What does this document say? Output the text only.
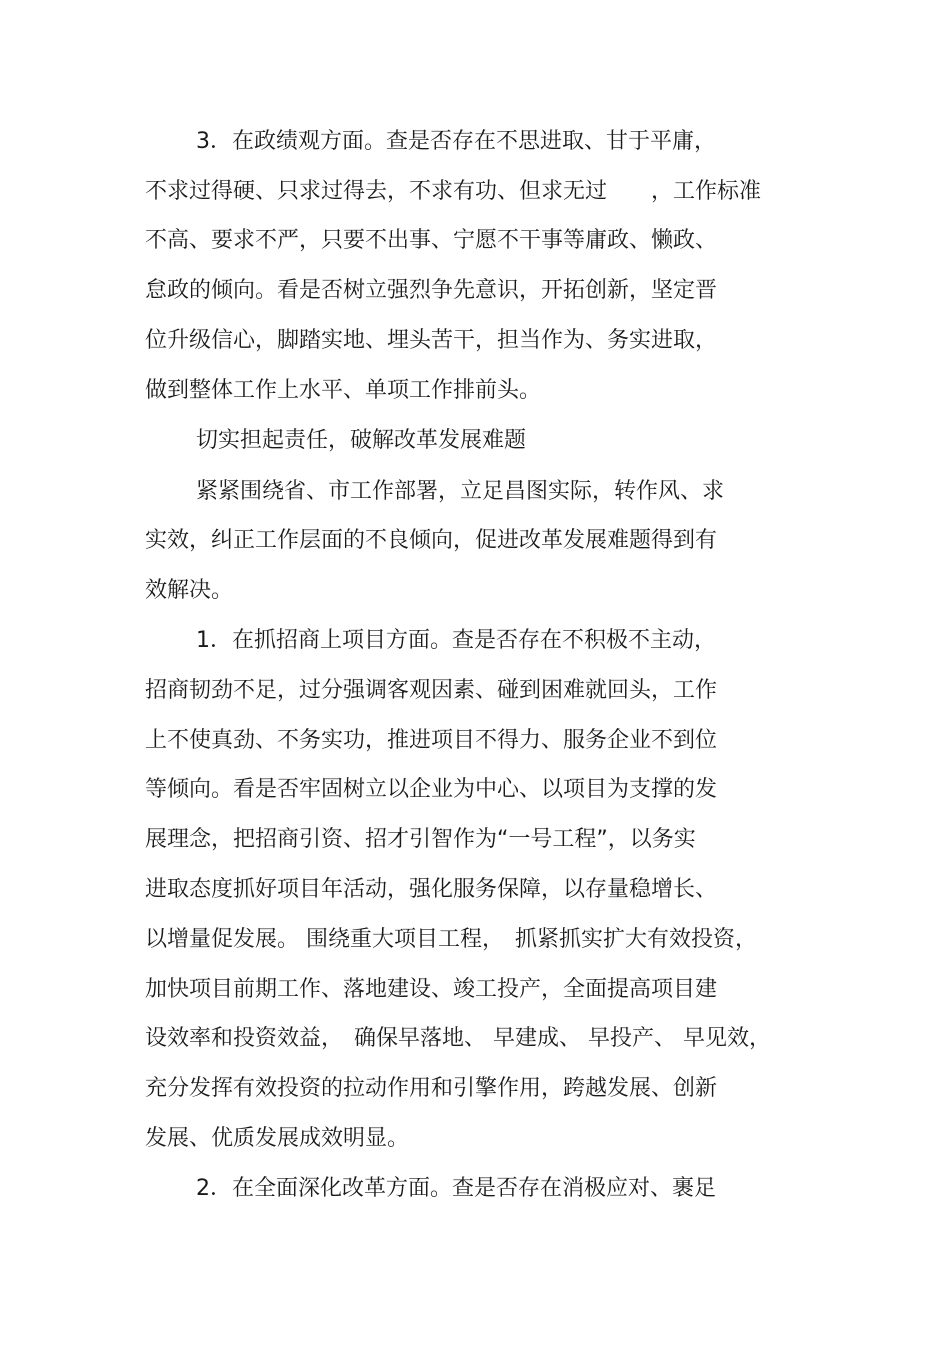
3．在政绩观方面。查是否存在不思进取、甘于平庸，
不求过得硬、只求过得去，不求有功、但求无过　　，工作标准
不高、要求不严，只要不出事、宁愿不干事等庸政、懒政、
怠政的倾向。看是否树立强烈争先意识，开拓创新，坚定晋
位升级信心，脚踏实地、埋头苦干，担当作为、务实进取，
做到整体工作上水平、单项工作排前头。
切实担起责任，破解改革发展难题
紧紧围绕省、市工作部署，立足昌图实际，转作风、求
实效，纠正工作层面的不良倾向，促进改革发展难题得到有
效解决。
1．在抓招商上项目方面。查是否存在不积极不主动，
招商韧劲不足，过分强调客观因素、碰到困难就回头，工作
上不使真劲、不务实功，推进项目不得力、服务企业不到位
等倾向。看是否牢固树立以企业为中心、以项目为支撑的发
展理念，把招商引资、招才引智作为“一号工程”，以务实
进取态度抓好项目年活动，强化服务保障，以存量稳增长、
以增量促发展。 围绕重大项目工程，　抓紧抓实扩大有效投资，
加快项目前期工作、落地建设、竣工投产，全面提高项目建
设效率和投资效益，　确保早落地、 早建成、 早投产、 早见效，
充分发挥有效投资的拉动作用和引擎作用，跨越发展、创新
发展、优质发展成效明显。
2．在全面深化改革方面。查是否存在消极应对、裹足
